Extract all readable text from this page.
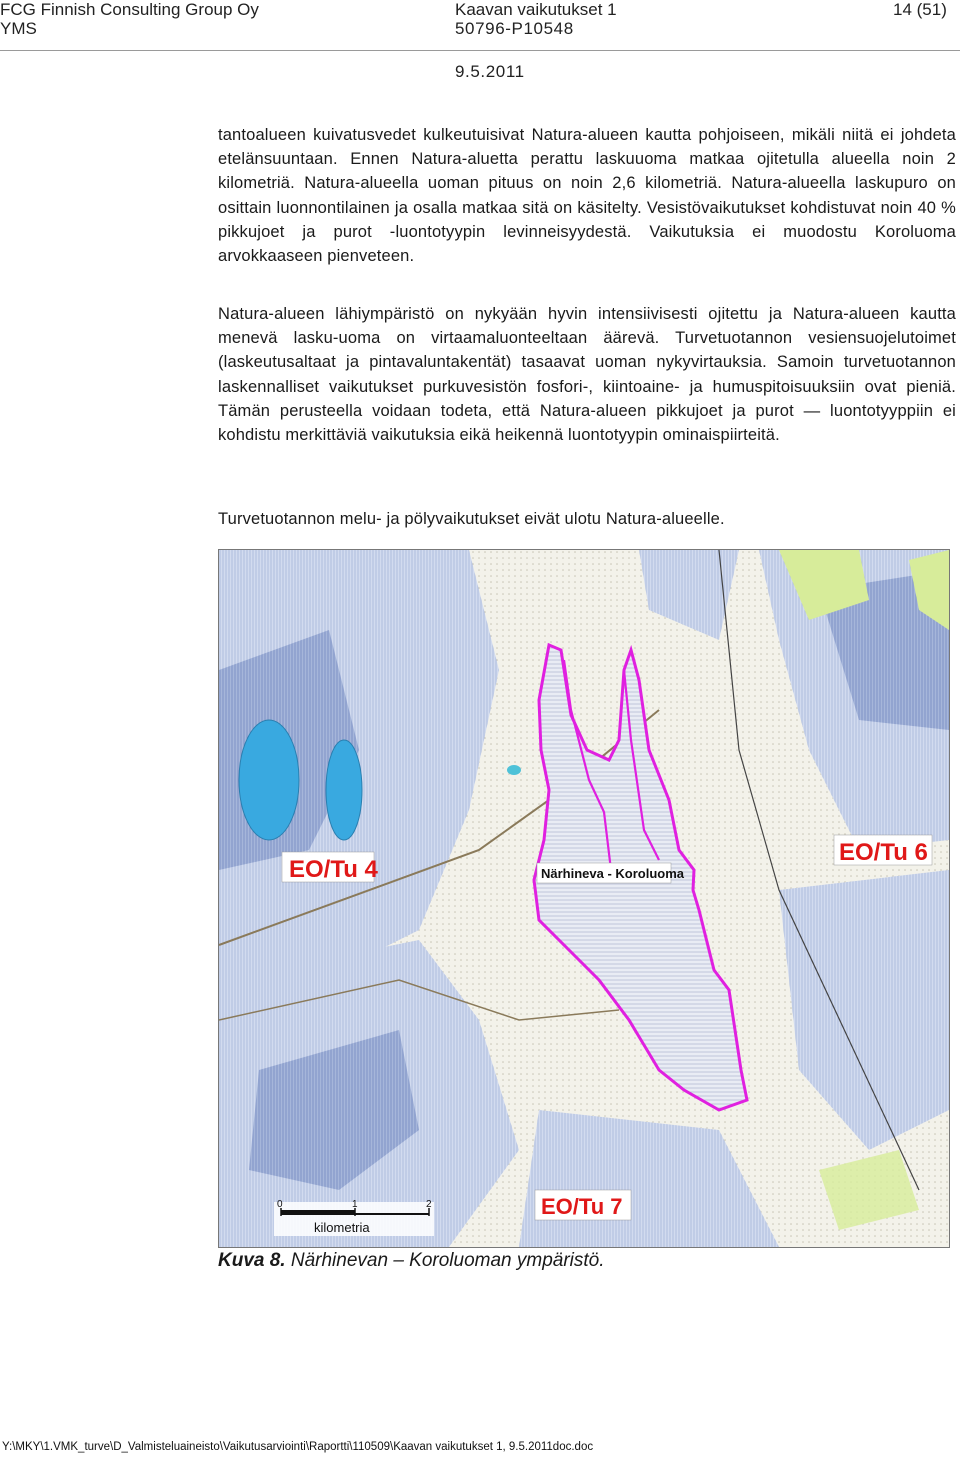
FCG Finnish Consulting Group Oy
YMS
Kaavan vaikutukset 1
50796-P10548
9.5.2011
14 (51)

tantoalueen kuivatusvedet kulkeutuisivat Natura-alueen kautta pohjoiseen, mikäli niitä ei johdeta etelänsuuntaan. Ennen Natura-aluetta perattu laskuuoma matkaa ojitetulla alueella noin 2 kilometriä. Natura-alueella uoman pituus on noin 2,6 kilometriä. Natura-alueella laskupuro on osittain luonnontilainen ja osalla matkaa sitä on käsitelty. Vesistövaikutukset kohdistuvat noin 40 % pikkujoet ja purot -luontotyypin levinneisyydestä. Vaikutuksia ei muodostu Koroluoma arvokkaaseen pienveteen.

Natura-alueen lähiympäristö on nykyään hyvin intensiivisesti ojitettu ja Natura-alueen kautta menevä lasku-uoma on virtaamaluonteeltaan äärevä. Turvetuotannon vesiensuojelutoimet (laskeutusaltaat ja pintavaluntakentät) tasaavat uoman nykyvirtauksia. Samoin turvetuotannon laskennalliset vaikutukset purkuvesistön fosfori-, kiintoaine- ja humuspitoisuuksiin ovat pieniä. Tämän perusteella voidaan todeta, että Natura-alueen pikkujoet ja purot — luontotyyppiin ei kohdistu merkittäviä vaikutuksia eikä heikennä luontotyypin ominaispiirteitä.

Turvetuotannon melu- ja pölyvaikutukset eivät ulotu Natura-alueelle.

EO/Tu 4
EO/Tu 6
EO/Tu 7
Närhineva - Koroluoma
0	1	2
kilometria
Kuva 8. Närhinevan – Koroluoman ympäristö.
Y:\MKY\1.VMK_turve\D_Valmisteluaineisto\Vaikutusarviointi\Raportti\110509\Kaavan vaikutukset 1, 9.5.2011doc.doc
